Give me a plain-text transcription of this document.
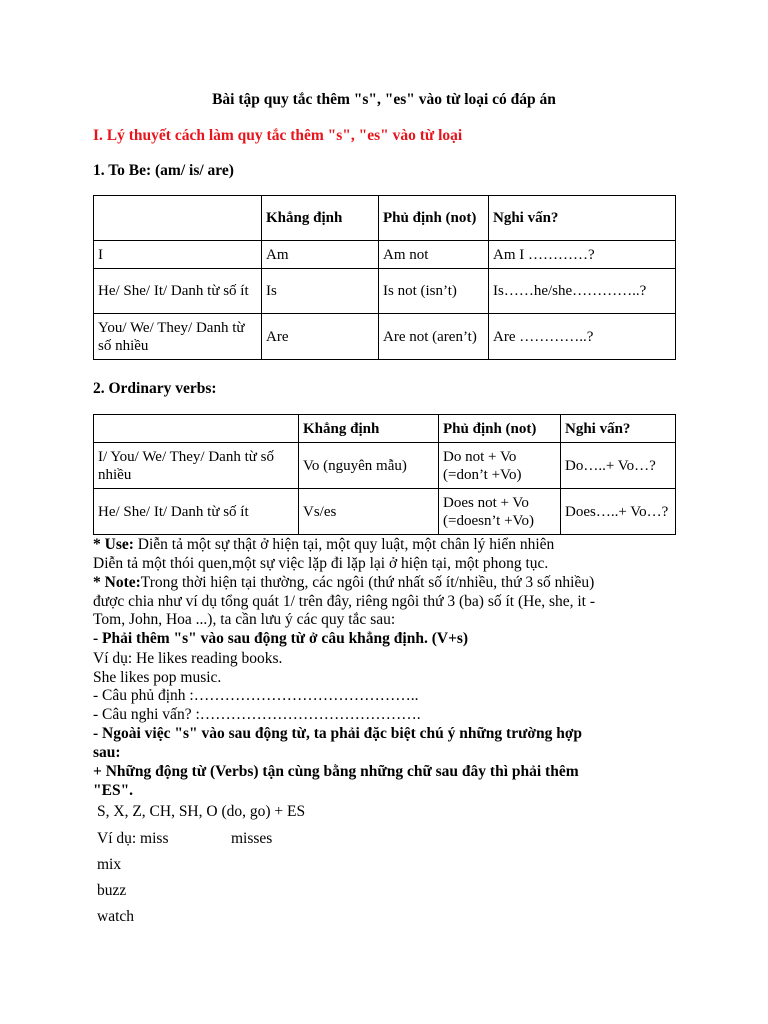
Bài tập quy tắc thêm "s", "es" vào từ loại có đáp án
I. Lý thuyết cách làm quy tắc thêm "s", "es" vào từ loại
1. To Be: (am/ is/ are)
	Khẳng định	Phủ định (not)	Nghi vấn?
I	Am	Am not	Am I …………?
He/ She/ It/ Danh từ số ít	Is	Is not (isn’t)	Is……he/she…………..?
You/ We/ They/ Danh từ số nhiều	Are	Are not (aren’t)	Are …………..?
2. Ordinary verbs:
	Khẳng định	Phủ định (not)	Nghi vấn?
I/ You/ We/ They/ Danh từ số nhiều	Vo (nguyên mẫu)	Do not + Vo (=don’t +Vo)	Do…..+ Vo…?
He/ She/ It/ Danh từ số ít	Vs/es	Does not + Vo (=doesn’t +Vo)	Does…..+ Vo…?
* Use: Diễn tả một sự thật ở hiện tại, một quy luật, một chân lý hiển nhiên
Diễn tả một thói quen,một sự việc lặp đi lặp lại ở hiện tại, một phong tục.
* Note:Trong thời hiện tại thường, các ngôi (thứ nhất số ít/nhiều, thứ 3 số nhiều)
được chia như ví dụ tổng quát 1/ trên đây, riêng ngôi thứ 3 (ba) số ít (He, she, it -
Tom, John, Hoa ...), ta cần lưu ý các quy tắc sau:
- Phải thêm "s" vào sau động từ ở câu khẳng định. (V+s)
Ví dụ: He likes reading books.
She likes pop music.
- Câu phủ định :……………………………………..
- Câu nghi vấn? :…………………………………….
- Ngoài việc "s" vào sau động từ, ta phải đặc biệt chú ý những trường hợp
sau:
+ Những động từ (Verbs) tận cùng bằng những chữ sau đây thì phải thêm
"ES".
S, X, Z, CH, SH, O (do, go) + ES
Ví dụ: miss	misses
mix
buzz
watch
